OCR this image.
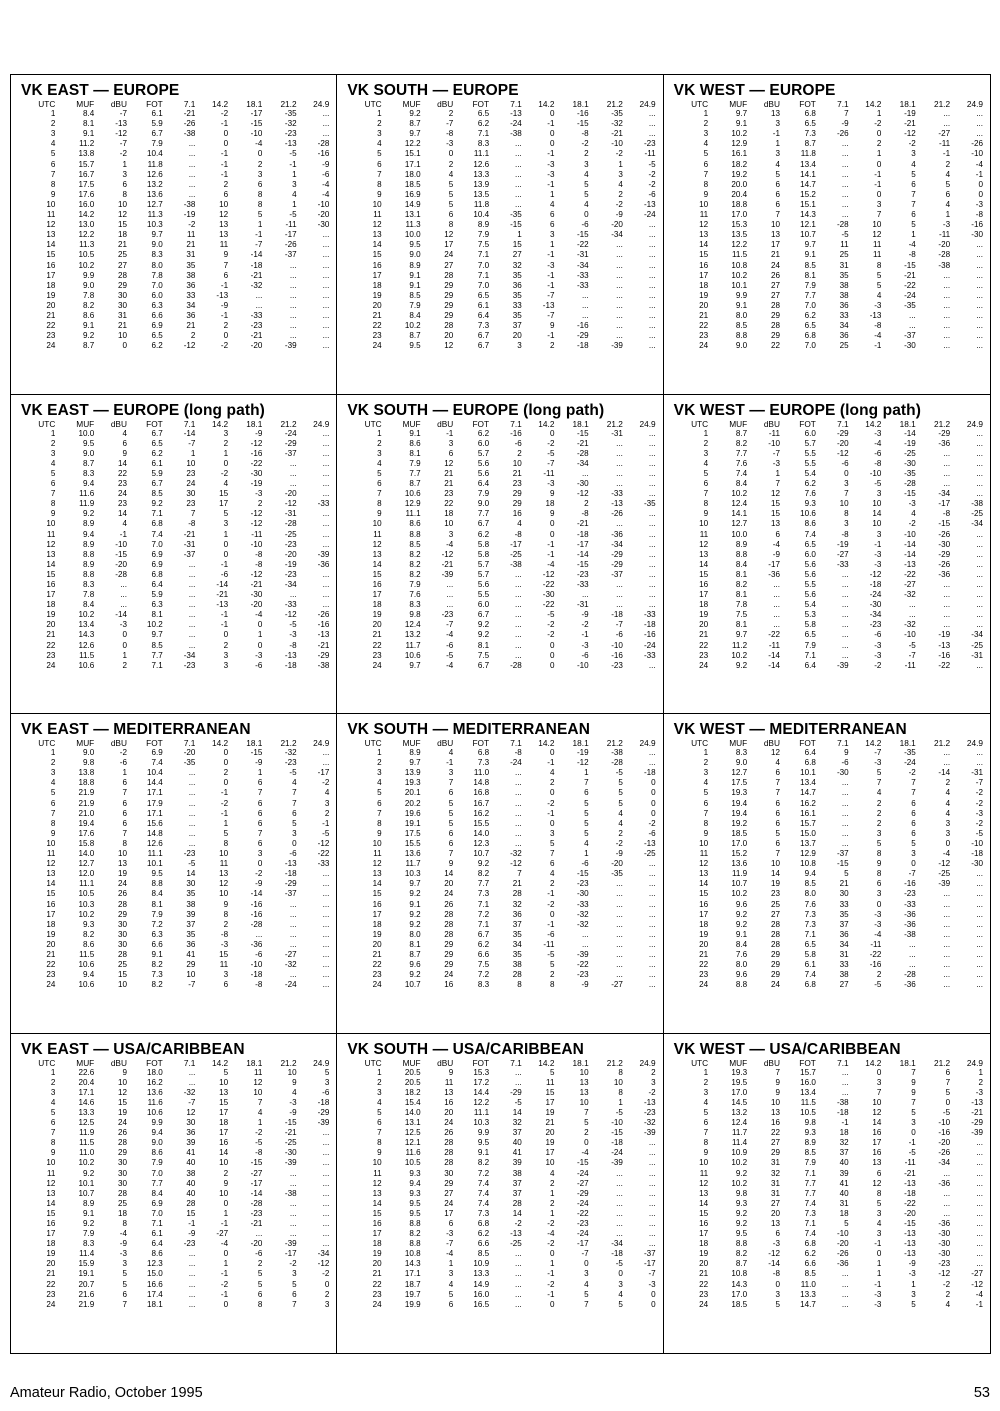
VK EAST — EUROPE
UTC	MUF	dBU	FOT	7.1	14.2	18.1	21.2	24.9
1	8.4	-7	6.1	-21	-2	-17	-35	...
2	8.1	-13	5.9	-26	-1	-15	-32	...
3	9.1	-12	6.7	-38	0	-10	-23	...
4	11.2	-7	7.9	...	0	-4	-13	-28
5	13.8	-2	10.4	...	-1	0	-5	-16
6	15.7	1	11.8	...	-1	2	-1	-9
7	16.7	3	12.6	...	-1	3	1	-6
8	17.5	6	13.2	...	2	6	3	-4
9	17.6	8	13.6	...	6	8	4	-4
10	16.0	10	12.7	-38	10	8	1	-10
11	14.2	12	11.3	-19	12	5	-5	-20
12	13.0	15	10.3	-2	13	1	-11	-30
13	12.2	18	9.7	11	13	-1	-17	...
14	11.3	21	9.0	21	11	-7	-26	...
15	10.5	25	8.3	31	9	-14	-37	...
16	10.2	27	8.0	35	7	-18	...	...
17	9.9	28	7.8	38	6	-21	...	...
18	9.0	29	7.0	36	-1	-32	...	...
19	7.8	30	6.0	33	-13	...	...	...
20	8.2	30	6.3	34	-9	...	...	...
21	8.6	31	6.6	36	-1	-33	...	...
22	9.1	21	6.9	21	2	-23	...	...
23	9.2	10	6.5	2	0	-21	...	...
24	8.7	0	6.2	-12	-2	-20	-39	...
VK SOUTH — EUROPE
UTC	MUF	dBU	FOT	7.1	14.2	18.1	21.2	24.9
1	9.2	2	6.5	-13	0	-16	-35	...
2	8.7	-7	6.2	-24	-1	-15	-32	...
3	9.7	-8	7.1	-38	0	-8	-21	...
4	12.2	-3	8.3	...	0	-2	-10	-23
5	15.1	0	11.1	...	-1	2	-2	-11
6	17.1	2	12.6	...	-3	3	1	-5
7	18.0	4	13.3	...	-3	4	3	-2
8	18.5	5	13.9	...	-1	5	4	-2
9	16.9	5	13.5	...	1	5	2	-6
10	14.9	5	11.8	...	4	4	-2	-13
11	13.1	6	10.4	-35	6	0	-9	-24
12	11.3	8	8.9	-15	6	-6	-20	...
13	10.0	12	7.9	1	3	-15	-34	...
14	9.5	17	7.5	15	1	-22	...	...
15	9.0	24	7.1	27	-1	-31	...	...
16	8.9	27	7.0	32	-3	-34	...	...
17	9.1	28	7.1	35	-1	-33	...	...
18	9.1	29	7.0	36	-1	-33	...	...
19	8.5	29	6.5	35	-7	...	...	...
20	7.9	29	6.1	33	-13	...	...	...
21	8.4	29	6.4	35	-7	...	...	...
22	10.2	28	7.3	37	9	-16	...	...
23	8.7	20	6.7	20	-1	-29	...	...
24	9.5	12	6.7	3	2	-18	-39	...
VK WEST — EUROPE
UTC	MUF	dBU	FOT	7.1	14.2	18.1	21.2	24.9
1	9.7	13	6.8	7	1	-19	...	...
2	9.1	3	6.5	-9	-2	-21	...	...
3	10.2	-1	7.3	-26	0	-12	-27	...
4	12.9	1	8.7	...	2	-2	-11	-26
5	16.1	3	11.8	...	1	3	-1	-10
6	18.2	4	13.4	...	0	4	2	-4
7	19.2	5	14.1	...	-1	5	4	-1
8	20.0	6	14.7	...	-1	6	5	0
9	20.4	6	15.2	...	0	7	6	0
10	18.8	6	15.1	...	3	7	4	-3
11	17.0	7	14.3	...	7	6	1	-8
12	15.3	10	12.1	-28	10	5	-3	-16
13	13.5	13	10.7	-5	12	1	-11	-30
14	12.2	17	9.7	11	11	-4	-20	...
15	11.5	21	9.1	25	11	-8	-28	...
16	10.8	24	8.5	31	8	-15	-38	...
17	10.2	26	8.1	35	5	-21	...	...
18	10.1	27	7.9	38	5	-22	...	...
19	9.9	27	7.7	38	4	-24	...	...
20	9.1	28	7.0	36	-3	-35	...	...
21	8.0	29	6.2	33	-13	...	...	...
22	8.5	28	6.5	34	-8	...	...	...
23	8.8	29	6.8	36	-4	-37	...	...
24	9.0	22	7.0	25	-1	-30	...	...
VK EAST — EUROPE (long path)
UTC	MUF	dBU	FOT	7.1	14.2	18.1	21.2	24.9
1	10.0	4	6.7	-14	3	-9	-24	...
2	9.5	6	6.5	-7	2	-12	-29	...
3	9.0	9	6.2	1	1	-16	-37	...
4	8.7	14	6.1	10	0	-22	...	...
5	8.3	22	5.9	23	-2	-30	...	...
6	9.4	23	6.7	24	4	-19	...	...
7	11.6	24	8.5	30	15	-3	-20	...
8	11.9	23	9.2	23	17	2	-12	-33
9	9.2	14	7.1	7	5	-12	-31	...
10	8.9	4	6.8	-8	3	-12	-28	...
11	9.4	-1	7.4	-21	1	-11	-25	...
12	8.9	-10	7.0	-31	0	-10	-23	...
13	8.8	-15	6.9	-37	0	-8	-20	-39
14	8.9	-20	6.9	...	-1	-8	-19	-36
15	8.8	-28	6.8	...	-6	-12	-23	...
16	8.3	...	6.4	...	-14	-21	-34	...
17	7.8	...	5.9	...	-21	-30	...	...
18	8.4	...	6.3	...	-13	-20	-33	...
19	10.2	-14	8.1	...	-1	-4	-12	-26
20	13.4	-3	10.2	...	-1	0	-5	-16
21	14.3	0	9.7	...	0	1	-3	-13
22	12.6	0	8.5	...	2	0	-8	-21
23	11.5	1	7.7	-34	3	-3	-13	-29
24	10.6	2	7.1	-23	3	-6	-18	-38
VK SOUTH — EUROPE (long path)
UTC	MUF	dBU	FOT	7.1	14.2	18.1	21.2	24.9
1	9.1	-1	6.2	-16	0	-15	-31	...
2	8.6	3	6.0	-6	-2	-21	...	...
3	8.1	6	5.7	2	-5	-28	...	...
4	7.9	12	5.6	10	-7	-34	...	...
5	7.7	21	5.6	21	-11	...	...	...
6	8.7	21	6.4	23	-3	-30	...	...
7	10.6	23	7.9	29	9	-12	-33	...
8	12.9	22	9.0	29	18	2	-13	-35
9	11.1	18	7.7	16	9	-8	-26	...
10	8.6	10	6.7	4	0	-21	...	...
11	8.8	3	6.2	-8	0	-18	-36	...
12	8.5	-4	5.8	-17	-1	-17	-34	...
13	8.2	-12	5.8	-25	-1	-14	-29	...
14	8.2	-21	5.7	-38	-4	-15	-29	...
15	8.2	-39	5.7	...	-12	-23	-37	...
16	7.9	...	5.6	...	-22	-33	...	...
17	7.6	...	5.5	...	-30	...	...	...
18	8.3	...	6.0	...	-22	-31	...	...
19	9.8	-23	6.7	...	-5	-9	-18	-33
20	12.4	-7	9.2	...	-2	-2	-7	-18
21	13.2	-4	9.2	...	-2	-1	-6	-16
22	11.7	-6	8.1	...	0	-3	-10	-24
23	10.6	-5	7.5	...	0	-6	-16	-33
24	9.7	-4	6.7	-28	0	-10	-23	...
VK WEST — EUROPE (long path)
UTC	MUF	dBU	FOT	7.1	14.2	18.1	21.2	24.9
1	8.7	-11	6.0	-29	-3	-14	-29	...
2	8.2	-10	5.7	-20	-4	-19	-36	...
3	7.7	-7	5.5	-12	-6	-25	...	...
4	7.6	-3	5.5	-6	-8	-30	...	...
5	7.4	1	5.4	0	-10	-35	...	...
6	8.4	7	6.2	3	-5	-28	...	...
7	10.2	12	7.6	7	3	-15	-34	...
8	12.4	15	9.3	10	10	-3	-17	-38
9	14.1	15	10.6	8	14	4	-8	-25
10	12.7	13	8.6	3	10	-2	-15	-34
11	10.0	6	7.4	-8	3	-10	-26	...
12	8.9	-4	6.5	-19	-1	-14	-30	...
13	8.8	-9	6.0	-27	-3	-14	-29	...
14	8.4	-17	5.6	-33	-3	-13	-26	...
15	8.1	-36	5.6	...	-12	-22	-36	...
16	8.2	...	5.5	...	-18	-27	...	...
17	8.1	...	5.6	...	-24	-32	...	...
18	7.8	...	5.4	...	-30	...	...	...
19	7.5	...	5.3	...	-34	...	...	...
20	8.1	...	5.8	...	-23	-32	...	...
21	9.7	-22	6.5	...	-6	-10	-19	-34
22	11.2	-11	7.9	...	-3	-5	-13	-25
23	10.2	-14	7.1	...	-3	-7	-16	-31
24	9.2	-14	6.4	-39	-2	-11	-22	...
VK EAST — MEDITERRANEAN
UTC	MUF	dBU	FOT	7.1	14.2	18.1	21.2	24.9
1	9.0	-2	6.9	-20	0	-15	-32	...
2	9.8	-6	7.4	-35	0	-9	-23	...
3	13.8	1	10.4	...	2	1	-5	-17
4	18.8	6	14.4	...	0	6	4	-2
5	21.9	7	17.1	...	-1	7	7	4
6	21.9	6	17.9	...	-2	6	7	3
7	21.0	6	17.1	...	-1	6	6	2
8	19.4	6	15.6	...	1	6	5	-1
9	17.6	7	14.8	...	5	7	3	-5
10	15.8	8	12.6	...	8	6	0	-12
11	14.0	10	11.1	-23	10	3	-6	-22
12	12.7	13	10.1	-5	11	0	-13	-33
13	12.0	19	9.5	14	13	-2	-18	...
14	11.1	24	8.8	30	12	-9	-29	...
15	10.5	26	8.4	35	10	-14	-37	...
16	10.3	28	8.1	38	9	-16	...	...
17	10.2	29	7.9	39	8	-16	...	...
18	9.3	30	7.2	37	2	-28	...	...
19	8.2	30	6.3	35	-8	...	...	...
20	8.6	30	6.6	36	-3	-36	...	...
21	11.5	28	9.1	41	15	-6	-27	...
22	10.6	25	8.2	29	11	-10	-32	...
23	9.4	15	7.3	10	3	-18	...	...
24	10.6	10	8.2	-7	6	-8	-24	...
VK SOUTH — MEDITERRANEAN
UTC	MUF	dBU	FOT	7.1	14.2	18.1	21.2	24.9
1	8.9	4	6.8	-8	0	-19	-38	...
2	9.7	-1	7.3	-24	-1	-12	-28	...
3	13.9	3	11.0	...	4	1	-5	-18
4	19.3	7	14.8	...	2	7	5	0
5	20.1	6	16.8	...	0	6	5	0
6	20.2	5	16.7	...	-2	5	5	0
7	19.6	5	16.2	...	-1	5	4	0
8	19.1	5	15.5	...	0	5	4	-2
9	17.5	6	14.0	...	3	5	2	-6
10	15.5	6	12.3	...	5	4	-2	-13
11	13.6	7	10.7	-32	7	1	-9	-25
12	11.7	9	9.2	-12	6	-6	-20	...
13	10.3	14	8.2	7	4	-15	-35	...
14	9.7	20	7.7	21	2	-23	...	...
15	9.2	24	7.3	28	-1	-30	...	...
16	9.1	26	7.1	32	-2	-33	...	...
17	9.2	28	7.2	36	0	-32	...	...
18	9.2	28	7.1	37	-1	-32	...	...
19	8.0	28	6.7	35	-6	...	...	...
20	8.1	29	6.2	34	-11	...	...	...
21	8.7	29	6.6	35	-5	-39	...	...
22	9.6	29	7.5	38	5	-22	...	...
23	9.2	24	7.2	28	2	-23	...	...
24	10.7	16	8.3	8	8	-9	-27	...
VK WEST — MEDITERRANEAN
UTC	MUF	dBU	FOT	7.1	14.2	18.1	21.2	24.9
1	8.3	12	6.4	9	-7	-35	...	...
2	9.0	4	6.8	-6	-3	-24	...	...
3	12.7	6	10.1	-30	5	-2	-14	-31
4	17.5	7	13.4	...	7	7	2	-7
5	19.3	7	14.7	...	4	7	4	-2
6	19.4	6	16.2	...	2	6	4	-2
7	19.4	6	16.1	...	2	6	4	-3
8	19.2	6	15.7	...	2	6	3	-2
9	18.5	5	15.0	...	3	6	3	-5
10	17.0	6	13.7	...	5	5	0	-10
11	15.2	7	12.9	-37	8	3	-4	-18
12	13.6	10	10.8	-15	9	0	-12	-30
13	11.9	14	9.4	5	8	-7	-25	...
14	10.7	19	8.5	21	6	-16	-39	...
15	10.2	23	8.0	30	3	-23	...	...
16	9.6	25	7.6	33	0	-33	...	...
17	9.2	27	7.3	35	-3	-36	...	...
18	9.2	28	7.3	37	-3	-36	...	...
19	9.1	28	7.1	36	-4	-38	...	...
20	8.4	28	6.5	34	-11	...	...	...
21	7.6	29	5.8	31	-22	...	...	...
22	8.0	29	6.1	33	-16	...	...	...
23	9.6	29	7.4	38	2	-28	...	...
24	8.8	24	6.8	27	-5	-36	...	...
VK EAST — USA/CARIBBEAN
UTC	MUF	dBU	FOT	7.1	14.2	18.1	21.2	24.9
1	22.6	9	18.0	...	5	11	10	5
2	20.4	10	16.2	...	10	12	9	3
3	17.1	12	13.6	-32	13	10	4	-6
4	14.6	15	11.6	-7	15	7	-3	-18
5	13.3	19	10.6	12	17	4	-9	-29
6	12.5	24	9.9	30	18	1	-15	-39
7	11.9	26	9.4	36	17	-2	-21	...
8	11.5	28	9.0	39	16	-5	-25	...
9	11.0	29	8.6	41	14	-8	-30	...
10	10.2	30	7.9	40	10	-15	-39	...
11	9.2	30	7.0	38	2	-27	...	...
12	10.1	30	7.7	40	9	-17	...	...
13	10.7	28	8.4	40	10	-14	-38	...
14	8.9	25	6.9	28	0	-28	...	...
15	9.1	18	7.0	15	1	-23	...	...
16	9.2	8	7.1	-1	-1	-21	...	...
17	7.9	-4	6.1	-9	-27	...	...	...
18	8.3	-9	6.4	-23	-4	-20	-39	...
19	11.4	-3	8.6	...	0	-6	-17	-34
20	15.9	3	12.3	...	1	2	-2	-12
21	19.1	5	15.0	...	-1	5	3	-2
22	20.7	5	16.6	...	-2	5	5	0
23	21.6	6	17.4	...	-1	6	6	2
24	21.9	7	18.1	...	0	8	7	3
VK SOUTH — USA/CARIBBEAN
UTC	MUF	dBU	FOT	7.1	14.2	18.1	21.2	24.9
1	20.5	9	15.3	...	5	10	8	2
2	20.5	11	17.2	...	11	13	10	3
3	18.2	13	14.4	-29	15	13	8	-2
4	15.4	16	12.2	-5	17	10	1	-13
5	14.0	20	11.1	14	19	7	-5	-23
6	13.1	24	10.3	32	21	5	-10	-32
7	12.5	26	9.9	37	20	2	-15	-39
8	12.1	28	9.5	40	19	0	-18	...
9	11.6	28	9.1	41	17	-4	-24	...
10	10.5	28	8.2	39	10	-15	-39	...
11	9.3	30	7.2	38	4	-24	...	...
12	9.4	29	7.4	37	2	-27	...	...
13	9.3	27	7.4	37	1	-29	...	...
14	9.5	24	7.4	28	2	-24	...	...
15	9.5	17	7.3	14	1	-22	...	...
16	8.8	6	6.8	-2	-2	-23	...	...
17	8.2	-3	6.2	-13	-4	-24	...	...
18	8.8	-7	6.6	-25	-2	-17	-34	...
19	10.8	-4	8.5	...	0	-7	-18	-37
20	14.3	1	10.9	...	1	0	-5	-17
21	17.1	3	13.3	...	-1	3	0	-7
22	18.7	4	14.9	...	-2	4	3	-3
23	19.7	5	16.0	...	-1	5	4	0
24	19.9	6	16.5	...	0	7	5	0
VK WEST — USA/CARIBBEAN
UTC	MUF	dBU	FOT	7.1	14.2	18.1	21.2	24.9
1	19.3	7	15.7	...	0	7	6	1
2	19.5	9	16.0	...	3	9	7	2
3	17.0	9	13.4	...	7	9	5	-3
4	14.5	10	11.5	-38	10	7	0	-13
5	13.2	13	10.5	-18	12	5	-5	-21
6	12.4	16	9.8	-1	14	3	-10	-29
7	11.7	22	9.3	18	16	0	-16	-39
8	11.4	27	8.9	32	17	-1	-20	...
9	10.9	29	8.5	37	16	-5	-26	...
10	10.2	31	7.9	40	13	-11	-34	...
11	9.2	32	7.1	39	6	-21	...	...
12	10.2	31	7.7	41	12	-13	-36	...
13	9.8	31	7.7	40	8	-18	...	...
14	9.3	27	7.4	31	5	-22	...	...
15	9.2	20	7.3	18	3	-20	...	...
16	9.2	13	7.1	5	4	-15	-36	...
17	9.5	6	7.4	-10	3	-13	-30	...
18	8.8	-3	6.8	-20	-1	-13	-30	...
19	8.2	-12	6.2	-26	0	-13	-30	...
20	8.7	-14	6.6	-36	1	-9	-23	...
21	10.8	-8	8.5	...	1	-3	-12	-27
22	14.3	0	11.0	...	-1	1	-2	-12
23	17.0	3	13.3	...	-3	3	2	-4
24	18.5	5	14.7	...	-3	5	4	-1
Amateur Radio, October 1995	53
